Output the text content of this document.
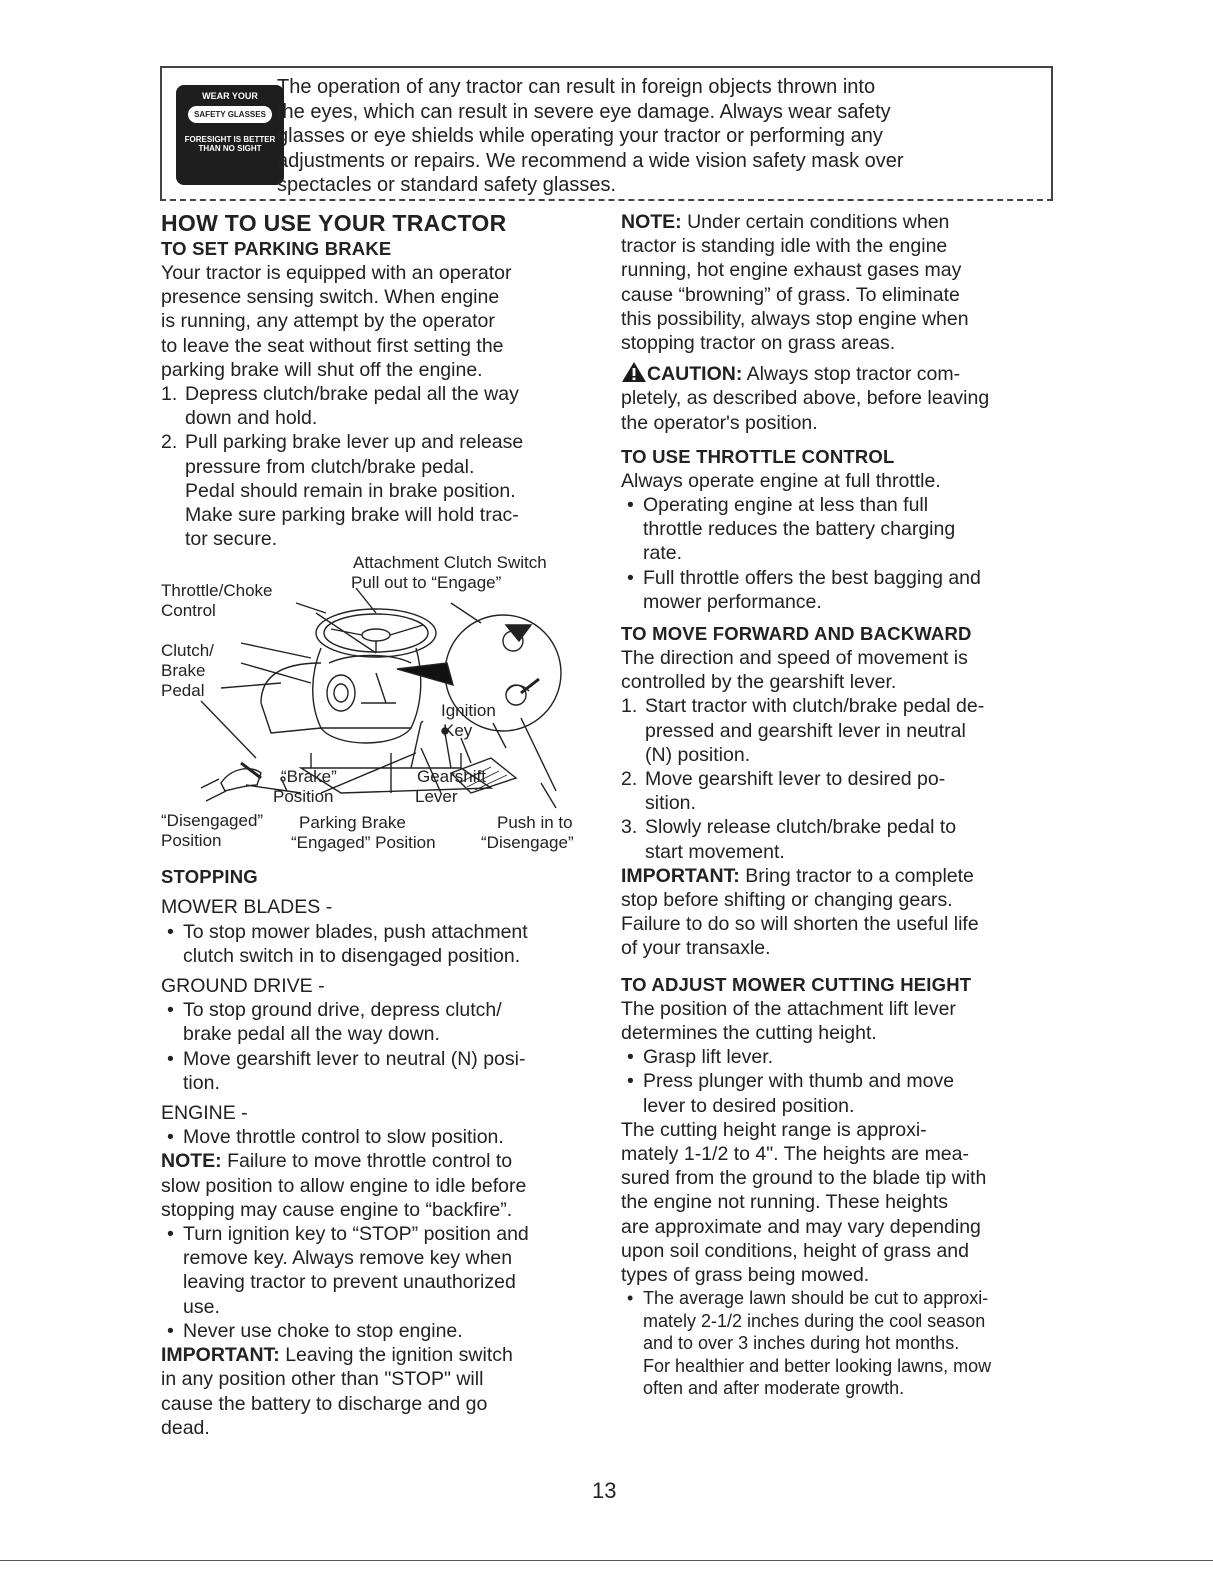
WEAR YOUR
SAFETY GLASSES
FORESIGHT IS BETTER
THAN NO SIGHT
The operation of any tractor can result in foreign objects thrown into
the eyes, which can result in severe eye damage. Always wear safety
glasses or eye shields while operating your tractor or performing any
adjustments or repairs. We recommend a wide vision safety mask over
spectacles or standard safety glasses.
HOW TO USE YOUR TRACTOR
TO SET PARKING BRAKE
Your tractor is equipped with an operator
presence sensing switch. When engine
is running, any attempt by the operator
to leave the seat without first setting the
parking brake will shut off the engine.
1. Depress clutch/brake pedal all the way
down and hold.
2. Pull parking brake lever up and release
pressure from clutch/brake pedal.
Pedal should remain in brake position.
Make sure parking brake will hold trac-
tor secure.
Attachment Clutch Switch
Pull out to “Engage”
Throttle/Choke
Control
Clutch/
Brake
Pedal
Ignition
Key
“Brake”
Position
Gearshift
Lever
“Disengaged”
Position
Parking Brake
“Engaged” Position
Push in to
“Disengage”
STOPPING
MOWER BLADES -
• To stop mower blades, push attachment
clutch switch in to disengaged position.
GROUND DRIVE -
• To stop ground drive, depress clutch/
brake pedal all the way down.
• Move gearshift lever to neutral (N) posi-
tion.
ENGINE -
• Move throttle control to slow position.
NOTE: Failure to move throttle control to
slow position to allow engine to idle before
stopping may cause engine to “backfire”.
• Turn ignition key to “STOP” position and
remove key. Always remove key when
leaving tractor to prevent unauthorized
use.
• Never use choke to stop engine.
IMPORTANT: Leaving the ignition switch
in any position other than "STOP" will
cause the battery to discharge and go
dead.
NOTE: Under certain conditions when
tractor is standing idle with the engine
running, hot engine exhaust gases may
cause “browning” of grass. To eliminate
this possibility, always stop engine when
stopping tractor on grass areas.
CAUTION: Always stop tractor com-
pletely, as described above, before leaving
the operator's position.
TO USE THROTTLE CONTROL
Always operate engine at full throttle.
• Operating engine at less than full
throttle reduces the battery charging
rate.
• Full throttle offers the best bagging and
mower performance.
TO MOVE FORWARD AND BACKWARD
The direction and speed of movement is
controlled by the gearshift lever.
1. Start tractor with clutch/brake pedal de-
pressed and gearshift lever in neutral
(N) position.
2. Move gearshift lever to desired po-
sition.
3. Slowly release clutch/brake pedal to
start movement.
IMPORTANT: Bring tractor to a complete
stop before shifting or changing gears.
Failure to do so will shorten the useful life
of your transaxle.
TO ADJUST MOWER CUTTING HEIGHT
The position of the attachment lift lever
determines the cutting height.
• Grasp lift lever.
• Press plunger with thumb and move
lever to desired position.
The cutting height range is approxi-
mately 1-1/2 to 4". The heights are mea-
sured from the ground to the blade tip with
the engine not running. These heights
are approximate and may vary depending
upon soil conditions, height of grass and
types of grass being mowed.
• The average lawn should be cut to approxi-
mately 2-1/2 inches during the cool season
and to over 3 inches during hot months.
For healthier and better looking lawns, mow
often and after moderate growth.
13
